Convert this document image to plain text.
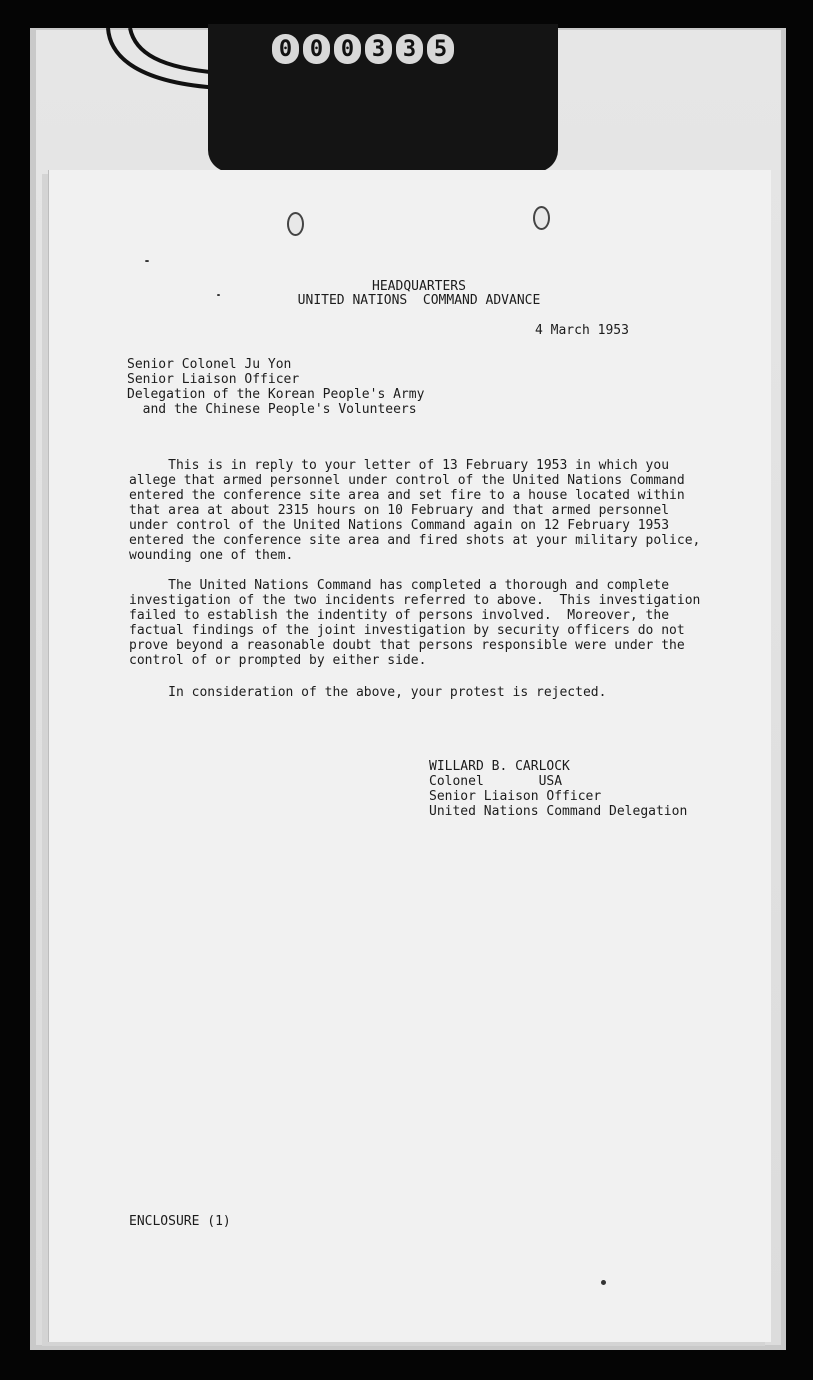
0 0 0 3 3 5
HEADQUARTERS
UNITED NATIONS  COMMAND ADVANCE
4 March 1953
Senior Colonel Ju Yon
Senior Liaison Officer
Delegation of the Korean People's Army
and the Chinese People's Volunteers
This is in reply to your letter of 13 February 1953 in which you
allege that armed personnel under control of the United Nations Command
entered the conference site area and set fire to a house located within
that area at about 2315 hours on 10 February and that armed personnel
under control of the United Nations Command again on 12 February 1953
entered the conference site area and fired shots at your military police,
wounding one of them.
The United Nations Command has completed a thorough and complete
investigation of the two incidents referred to above.  This investigation
failed to establish the indentity of persons involved.  Moreover, the
factual findings of the joint investigation by security officers do not
prove beyond a reasonable doubt that persons responsible were under the
control of or prompted by either side.
In consideration of the above, your protest is rejected.
WILLARD B. CARLOCK
Colonel       USA
Senior Liaison Officer
United Nations Command Delegation
ENCLOSURE (1)
